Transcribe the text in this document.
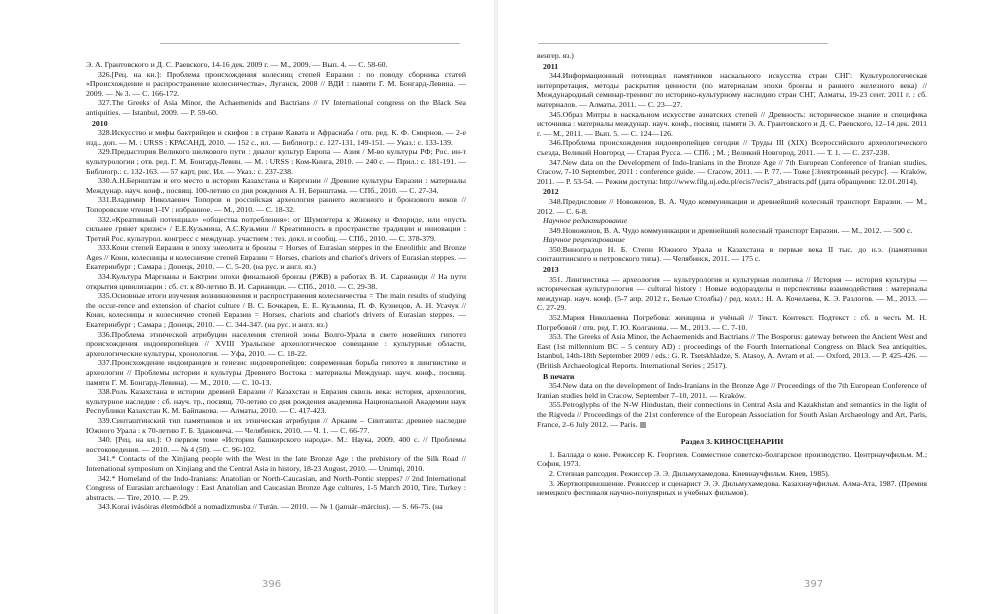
Э. А. Грантовского и Д. С. Раевского, 14-16 дек. 2009 г. — М., 2009. — Вып. 4. — С. 58-60.

326.[Рец. на кн.]: Проблема происхождения колесниц степей Евразии : по поводу сборника статей «Происхождение и распространение колесничества», Луганск, 2008 // ВДИ : памяти Г. М. Бонгард-Левина. — 2009. — № 3. — С. 166-172.

327.The Greeks of Asia Minor, the Achaemenids and Bactrians // IV International congress on the Black Sea antiquities. — Istanbul, 2009. — P. 59-60.

2010

328.Искусство и мифы бактрийцев и скифов : в стране Кавата и Афрасиаба / отв. ред. К. Ф. Смирнов. — 2-е изд., доп. — М. : URSS : КРАСАНД, 2010. — 152 с., ил. — Библиогр.: с. 127-131, 149-151. — Указ.: с. 133-139.

329.Предыстория Великого шелкового пути : диалог культур Европа — Азия / М-во культуры РФ; Рос. ин-т культурологии ; отв. ред. Г. М. Бонгард-Левин. — М. : URSS : Ком-Книга, 2010. — 240 с. — Прил.: с. 181-191. — Библиогр.: с. 132-163. — 57 карт, рис. Ил. — Указ.: с. 237-238.

330.А.Н.Бернштам и его место в истории Казахстана и Киргизии // Древние культуры Евразии : материалы Междунар. науч. конф., посвящ. 100-летию со дня рождения А. Н. Бернштама. — СПб., 2010. — С. 27-34.

331.Владимир Николаевич Топоров и российская археология раннего железного и бронзового веков // Топоровские чтения I–IV : избранное. — М., 2010. — С. 18-32.

332.«Креативный потенциал» «общества потребления»: от Шумпетера к Жижеку и Флориде, или «пусть сильнее грянет кризис» / Е.Е.Кузьмина, А.С.Кузьмин // Креативность в пространстве традиции и инновации : Третий Рос. культурол. конгресс с междунар. участием : тез. докл. и сообщ. — СПб., 2010. — С. 378-379.

333.Кони степей Евразии в эпоху энеолита и бронзы = Horses of Eurasian steppes in the Eneolithic and Bronze Ages // Кони, колесницы и колесничие степей Евразии = Horses, chariots and chariot's drivers of Eurasian steppes. — Екатеринбург ; Самара ; Донецк, 2010. — С. 5-20. (на рус. и англ. яз.)

334.Культура Маргианы и Бактрии эпохи финальной бронзы (РЖВ) в работах В. И. Сарианиди // На пути открытия цивилизации : сб. ст. к 80-летию В. И. Сарианиди. — СПб., 2010. — С. 29-38.

335.Основные итоги изучения возникновения и распространения колесничества = The main results of studying the occur-rence and extension of chariot culture / В. С. Бочкарев, Е. Е. Кузьмина, П. Ф. Кузнецов, А. Н. Усачук // Кони, колесницы и колесничие степей Евразии = Horses, chariots and chariot's drivers of Eurasian steppes. — Екатеринбург ; Самара ; Донецк, 2010. — С. 344-347. (на рус. и англ. яз.)

336.Проблема этнической атрибуции населения степной зоны Волго-Урала в свете новейших гипотез происхождения индоевропейцев // XVIII Уральское археологическое совещание : культурные области, археологические культуры, хронология. — Уфа, 2010. — С. 18-22.

337.Происхождение индоиранцев и генезис индоевропейцев: современная борьба гипотез в лингвистике и археологии // Проблемы истории и культуры Древнего Востока : материалы Междунар. науч. конф., посвящ. памяти Г. М. Бонгард-Левина). — М., 2010. — С. 10-13.

338.Роль Казахстана в истории древней Евразии // Казахстан и Евразия сквозь века: история, археология, культурное наследие : сб. науч. тр., посвящ. 70-летию со дня рождения академика Национальной Академии наук Республики Казахстан К. М. Байпакова. — Алматы, 2010. — С. 417-423.

339.Синташтинский тип памятников и их этническая атрибуция // Аркаим – Синташта: древнее наследие Южного Урала : к 70-летию Г. Б. Здановича. — Челябинск, 2010. — Ч. 1. — С. 66-77.

340. [Рец. на кн.]: О первом томе «Истории башкирского народа». М.: Наука, 2009. 400 с. // Проблемы востоковедения. — 2010. — № 4 (50). — С. 96-102.

341.* Contacts of the Xinjiang people with the West in the late Bronze Age : the prehistory of the Silk Road // International symposium on Xinjiang and the Central Asia in history, 18-23 August, 2010. — Urumqi, 2010.

342.* Homeland of the Indo-Iranians: Anatolian or North-Caucasian, and North-Pontic steppes? // 2nd International Congress of Eurasian archaeology : East Anatolian and Caucasian Bronze Age cultures, 1-5 March 2010, Tire, Turkey : abstracts. — Tire, 2010. — P. 29.

343.Korai ivásóiras életmódból a nomadizmusba // Turán. — 2010. — № 1 (január–március). — S. 66-75. (на

396

венгер. яз.)

2011

344.Информационный потенциал памятников наскального искусства стран СНГ: Культурологическая интерпретация, методы раскрытия ценности (по материалам эпохи бронзы и раннего железного века) // Международный семинар-тренинг по историко-культурному наследию стран СНГ, Алматы, 19-23 сент. 2011 г. : сб. материалов. — Алматы, 2011. — С. 23—27.

345.Образ Митры в наскальном искусстве азиатских степей // Древность: историческое знание и специфика источника : материалы междунар. науч. конф., посвящ. памяти Э. А. Грантовского и Д. С. Раевского, 12–14 дек. 2011 г. — М., 2011. — Вып. 5. — С. 124—126.

346.Проблема происхождения индоевропейцев сегодня // Труды III (XIX) Всероссийского археологического съезда, Великий Новгород — Старая Русса. — СПб. ; М. ; Великий Новгород, 2011. — Т. 1. — С. 237-238.

347.New data on the Development of Indo-Iranians in the Bronze Age // 7th European Conference of Iranian studies, Cracow, 7-10 September, 2011 : conference guide. — Cracow, 2011. — P. 77. — Тоже [Электронный ресурс]. — Kraków, 2011. — P. 53-54. — Режим доступа: http://www.filg.uj.edu.pl/ecis7/ecis7_abstracts.pdf (дата обращения: 12.01.2014).

2012

348.Предисловие // Новоженов, В. А. Чудо коммуникации и древнейший колесный транспорт Евразии. — М., 2012. — С. 6-8.

Научное редактирование

349.Новоженов, В. А. Чудо коммуникации и древнейший колесный транспорт Евразии. — М., 2012. — 500 с.

Научное рецензирование

350.Виноградов Н. Б. Степи Южного Урала и Казахстана в первые века II тыс. до н.э. (памятники синташтинского и петровского типа). — Челябинск, 2011. — 175 с.

2013

351. Лингвистика — археология — культурология и культурная политика // История — история культуры — историческая культурология — cultural history : Новые водоразделы и перспективы взаимодействия : материалы междунар. науч. конф. (5-7 апр. 2012 г., Белые Столбы) / ред. колл.: Н. А. Кочелаева, К. Э. Разлогов. — М., 2013. — С. 27-29.

352.Мария Николаевна Погребова: женщина и учёный // Текст. Контекст. Подтекст : сб. в честь М. Н. Погребовой / отв. ред. Г. Ю. Колганова. — М., 2013. — С. 7-10.

353. The Greeks of Asia Minor, the Achaemenids and Bactrians // The Bosporus: gateway between the Ancient West and East (1st millennium BC – 5 century AD) : proceedings of the Fourth International Congress on Black Sea antiquities, Istanbul, 14th-18th September 2009 / eds.: G. R. Tsetskhladze, S. Atasoy, A. Avram et al. — Oxford, 2013. — P. 425-426. — (British Archaeological Reports. International Series ; 2517).

В печати

354.New data on the development of Indo-Iranians in the Bronze Age // Proceedings of the 7th European Conference of Iranian studies held in Cracow, September 7–10, 2011. — Kraków.

355.Petroglyphs of the N-W Hindustan, their connections in Central Asia and Kazakhstan and semantics in the light of the Rigveda // Proceedings of the 21st conference of the European Association for South Asian Archaeology and Art, Paris, France, 2–6 July 2012. — Paris.

Раздел 3. КИНОСЦЕНАРИИ

1. Баллада о коне. Режиссер К. Георгиев. Совместное советско-болгарское производство. Центрнаучфильм. М.; София, 1973.

2. Степная рапсодия. Режиссер Э. Э. Дильмухамедова. Киевнаучфильм. Киев, 1985).

3. Жертвоприношение. Режиссер и сценарист Э. Э. Дильмухамедова. Казахнаучфильм. Алма-Ата, 1987. (Премия немецкого фестиваля научно-популярных и учебных фильмов).

397
